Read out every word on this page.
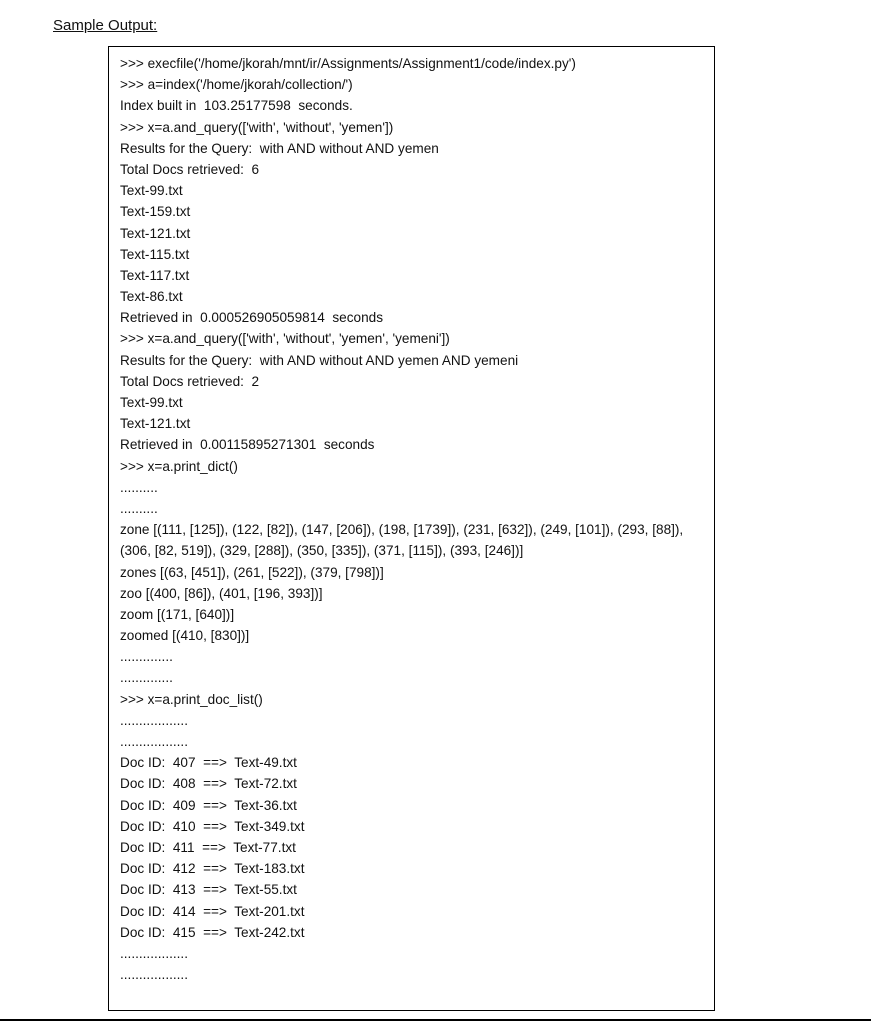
Sample Output:
>>> execfile('/home/jkorah/mnt/ir/Assignments/Assignment1/code/index.py')
>>> a=index('/home/jkorah/collection/')
Index built in  103.25177598  seconds.
>>> x=a.and_query(['with', 'without', 'yemen'])
Results for the Query:  with AND without AND yemen
Total Docs retrieved:  6
Text-99.txt
Text-159.txt
Text-121.txt
Text-115.txt
Text-117.txt
Text-86.txt
Retrieved in  0.000526905059814  seconds
>>> x=a.and_query(['with', 'without', 'yemen', 'yemeni'])
Results for the Query:  with AND without AND yemen AND yemeni
Total Docs retrieved:  2
Text-99.txt
Text-121.txt
Retrieved in  0.00115895271301  seconds
>>> x=a.print_dict()
..........
..........
zone [(111, [125]), (122, [82]), (147, [206]), (198, [1739]), (231, [632]), (249, [101]), (293, [88]), (306, [82, 519]), (329, [288]), (350, [335]), (371, [115]), (393, [246])]
zones [(63, [451]), (261, [522]), (379, [798])]
zoo [(400, [86]), (401, [196, 393])]
zoom [(171, [640])]
zoomed [(410, [830])]
..............
..............
>>> x=a.print_doc_list()
..................
..................
Doc ID:  407  ==>  Text-49.txt
Doc ID:  408  ==>  Text-72.txt
Doc ID:  409  ==>  Text-36.txt
Doc ID:  410  ==>  Text-349.txt
Doc ID:  411  ==>  Text-77.txt
Doc ID:  412  ==>  Text-183.txt
Doc ID:  413  ==>  Text-55.txt
Doc ID:  414  ==>  Text-201.txt
Doc ID:  415  ==>  Text-242.txt
..................
..................
